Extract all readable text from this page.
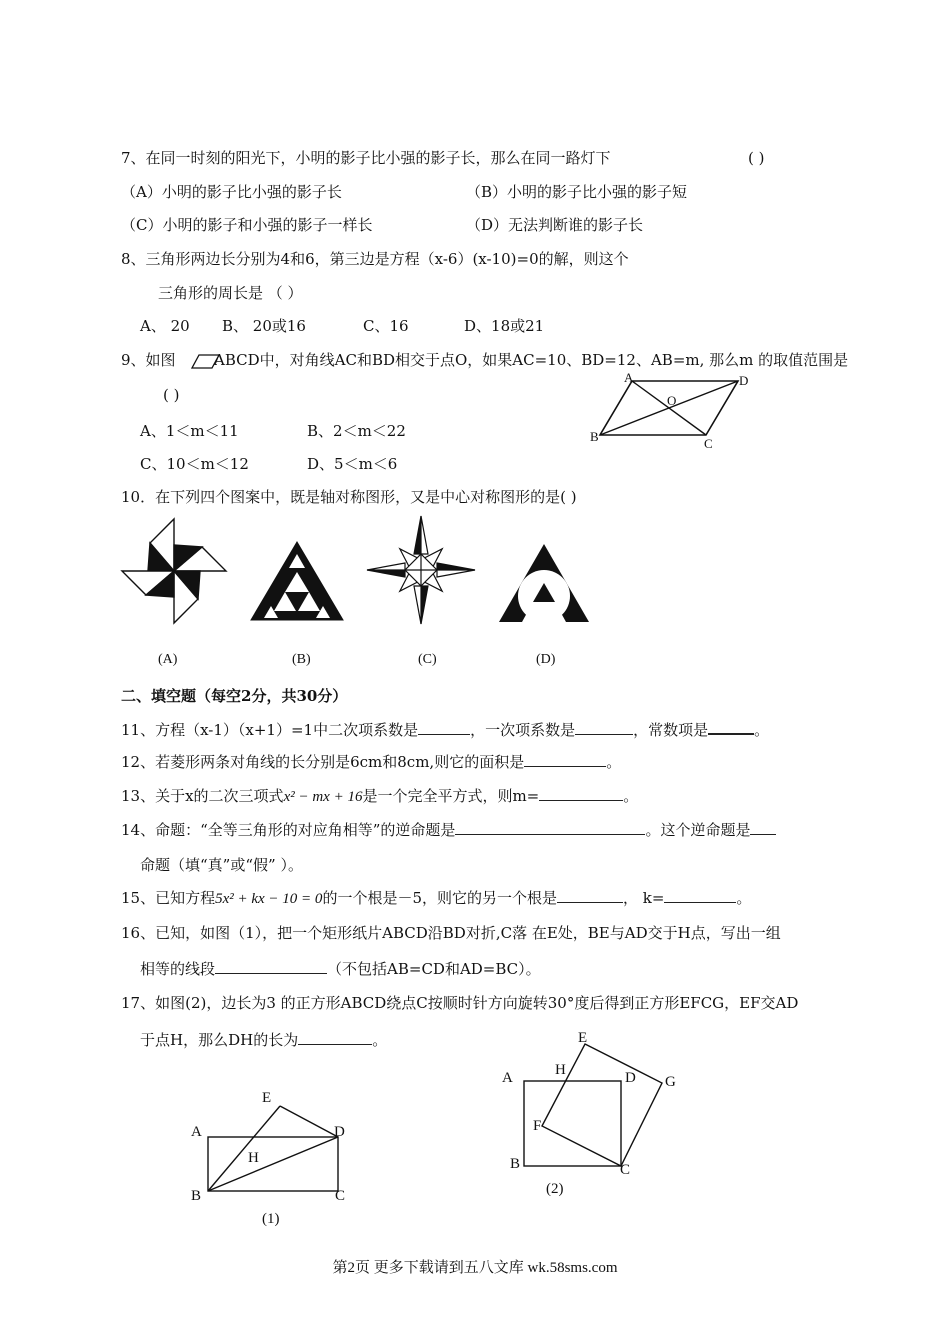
7、在同一时刻的阳光下，小明的影子比小强的影子长，那么在同一路灯下	( )
（A）小明的影子比小强的影子长	（B）小明的影子比小强的影子短
（C）小明的影子和小强的影子一样长	（D）无法判断谁的影子长
8、三角形两边长分别为4和6，第三边是方程（x-6）(x-10)=0的解，则这个
三角形的周长是 （ ）
A、 20 B、 20或16	C、16	D、18或21
9、如图	ABCD中，对角线AC和BD相交于点O，如果AC=10、BD=12、AB=m, 那么m 的取值范围是
( )
A、1＜m＜11	B、2＜m＜22
C、10＜m＜12	D、5＜m＜6
A	D
B	C
O
10．在下列四个图案中，既是轴对称图形，又是中心对称图形的是( )
(A)	(B)	(C)	(D)
二、填空题（每空2分，共30分）
11、方程（x-1）（x+1）=1中二次项系数是	，一次项系数是	，常数项是	。
12、若菱形两条对角线的长分别是6cm和8cm,则它的面积是	。
13、关于x的二次三项式x² − mx + 16是一个完全平方式，则m=	。
14、命题：“全等三角形的对应角相等”的逆命题是	。这个逆命题是
命题（填“真”或“假” ）。
15、已知方程5x² + kx − 10 = 0的一个根是－5，则它的另一个根是	， k=	。
16、已知，如图（1），把一个矩形纸片ABCD沿BD对折,C落 在E处，BE与AD交于H点，写出一组
相等的线段	（不包括AB=CD和AD=BC）。
17、如图(2)，边长为3 的正方形ABCD绕点C按顺时针方向旋转30°度后得到正方形EFCG，EF交AD
于点H，那么DH的长为	。
E
A	D
H
B	C
(1)
E
H
A	D G
F
B	C
(2)
第2页 更多下载请到五八文库 wk.58sms.com
